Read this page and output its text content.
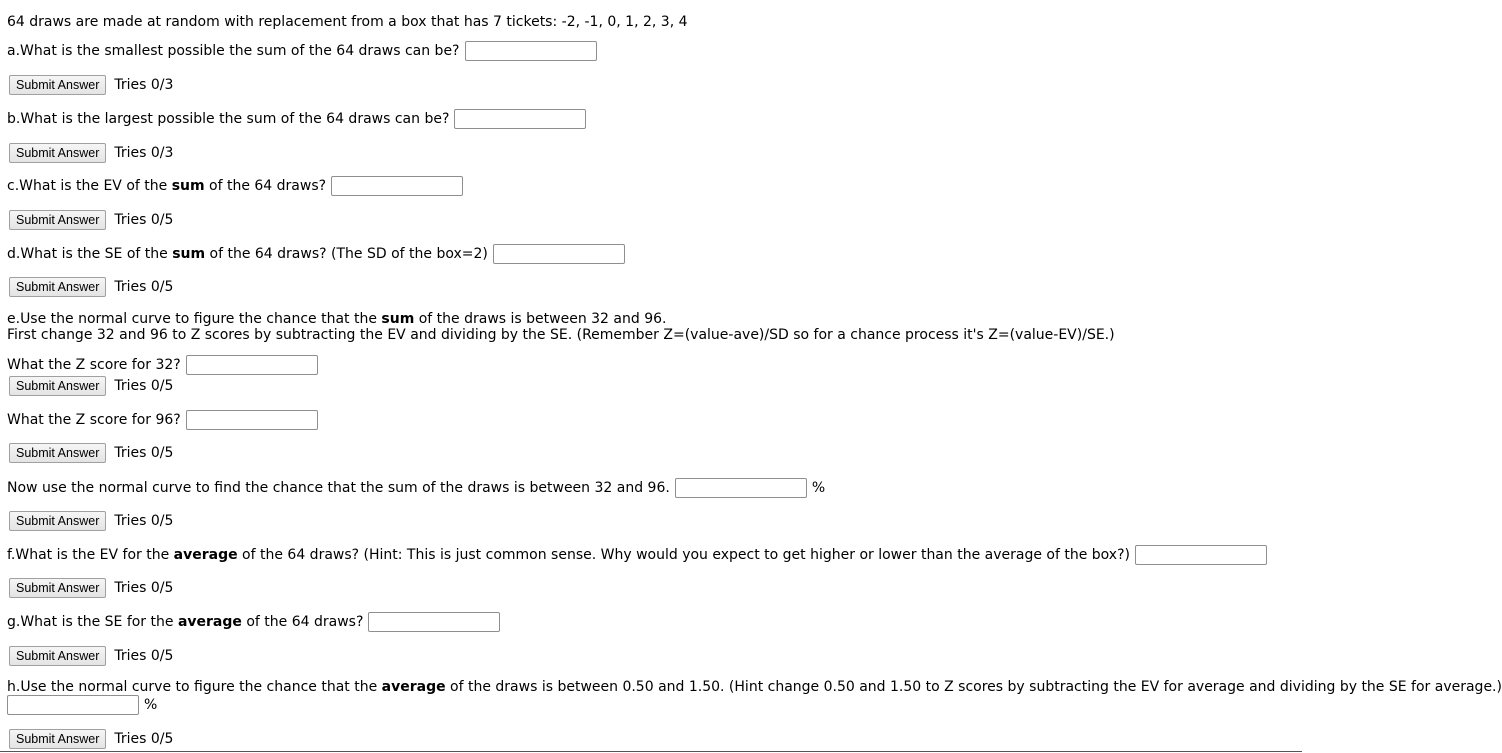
64 draws are made at random with replacement from a box that has 7 tickets: -2, -1, 0, 1, 2, 3, 4
a.What is the smallest possible the sum of the 64 draws can be?
Submit Answer	Tries 0/3
b.What is the largest possible the sum of the 64 draws can be?
Submit Answer	Tries 0/3
c.What is the EV of the sum of the 64 draws?
Submit Answer	Tries 0/5
d.What is the SE of the sum of the 64 draws? (The SD of the box=2)
Submit Answer	Tries 0/5
e.Use the normal curve to figure the chance that the sum of the draws is between 32 and 96.
First change 32 and 96 to Z scores by subtracting the EV and dividing by the SE. (Remember Z=(value-ave)/SD so for a chance process it's Z=(value-EV)/SE.)
What the Z score for 32?
Submit Answer	Tries 0/5
What the Z score for 96?
Submit Answer	Tries 0/5
Now use the normal curve to find the chance that the sum of the draws is between 32 and 96.	%
Submit Answer	Tries 0/5
f.What is the EV for the average of the 64 draws? (Hint: This is just common sense. Why would you expect to get higher or lower than the average of the box?)
Submit Answer	Tries 0/5
g.What is the SE for the average of the 64 draws?
Submit Answer	Tries 0/5
h.Use the normal curve to figure the chance that the average of the draws is between 0.50 and 1.50. (Hint change 0.50 and 1.50 to Z scores by subtracting the EV for average and dividing by the SE for average.)
%
Submit Answer	Tries 0/5
